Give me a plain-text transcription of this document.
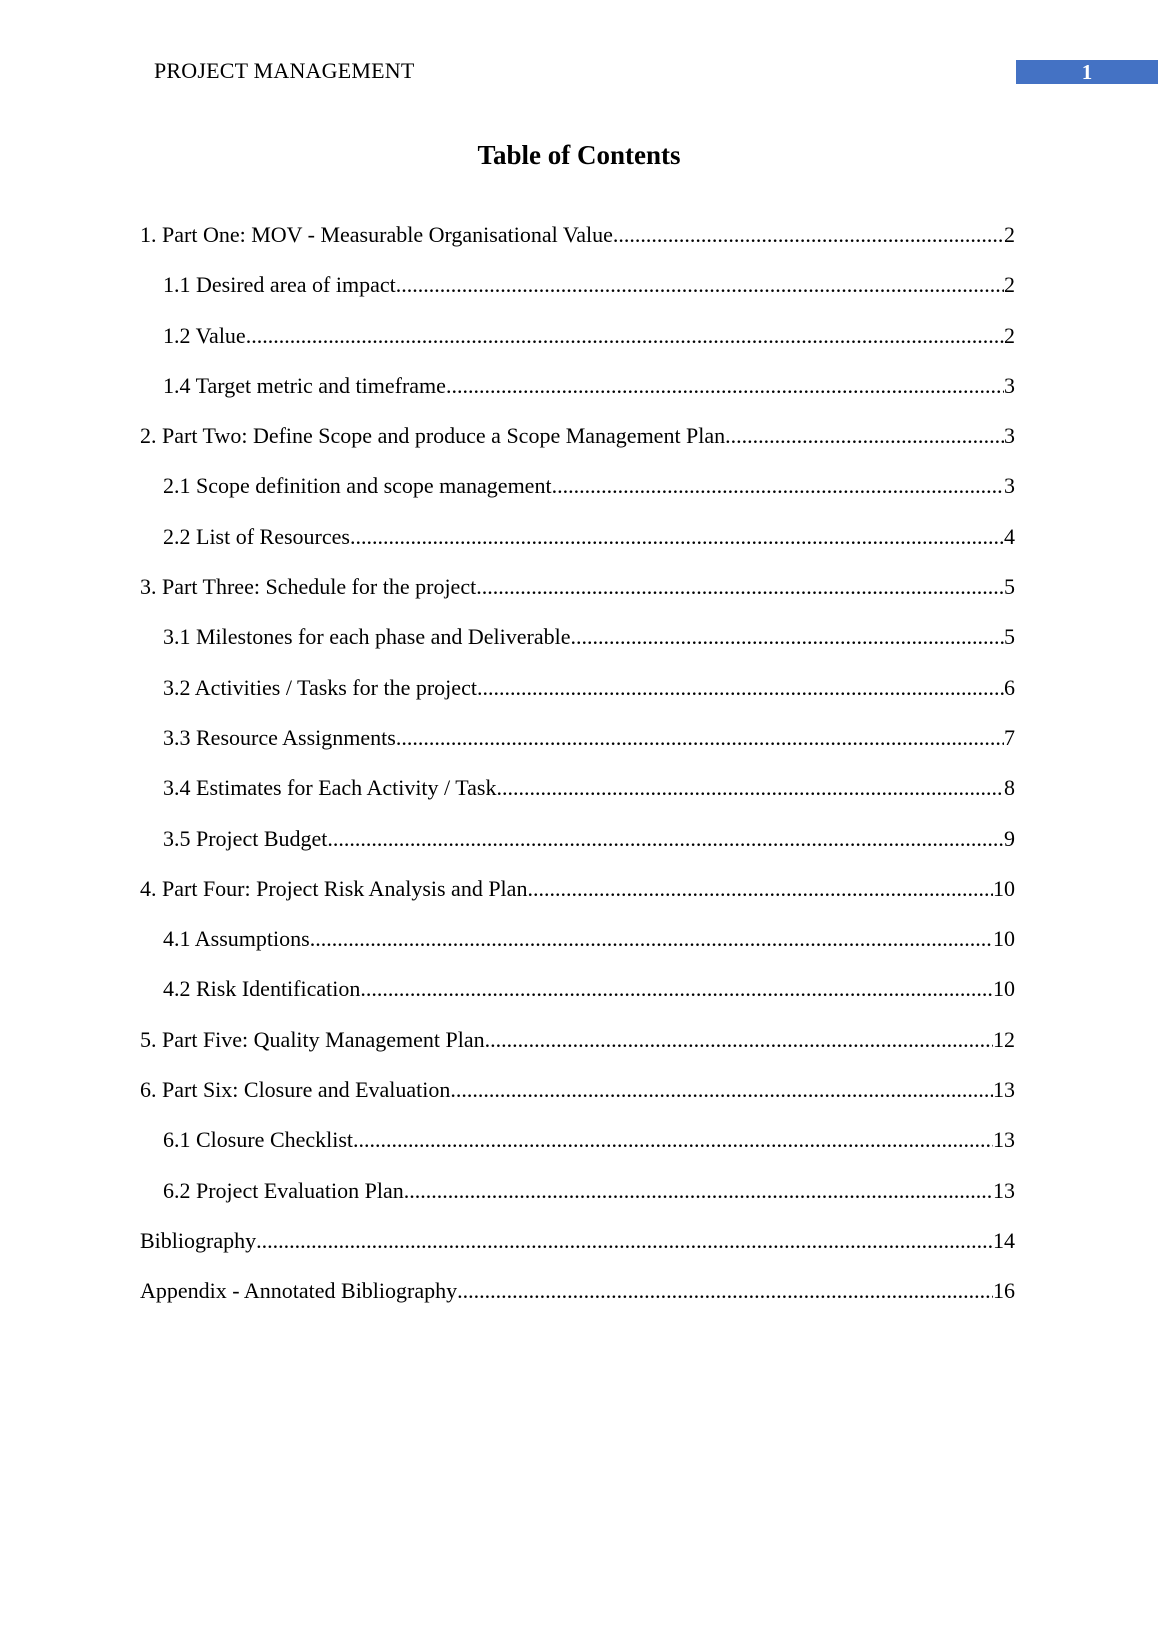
PROJECT MANAGEMENT	1
Table of Contents
1. Part One: MOV - Measurable Organisational Value .....	2
1.1 Desired area of impact .....	2
1.2 Value .....	2
1.4 Target metric and timeframe .....	3
2. Part Two: Define Scope and produce a Scope Management Plan .....	3
2.1 Scope definition and scope management .....	3
2.2 List of Resources .....	4
3. Part Three: Schedule for the project .....	5
3.1 Milestones for each phase and Deliverable .....	5
3.2 Activities / Tasks for the project .....	6
3.3 Resource Assignments .....	7
3.4 Estimates for Each Activity / Task .....	8
3.5 Project Budget .....	9
4. Part Four: Project Risk Analysis and Plan .....	10
4.1 Assumptions .....	10
4.2 Risk Identification .....	10
5. Part Five: Quality Management Plan .....	12
6. Part Six: Closure and Evaluation .....	13
6.1 Closure Checklist .....	13
6.2 Project Evaluation Plan .....	13
Bibliography .....	14
Appendix - Annotated Bibliography .....	16
